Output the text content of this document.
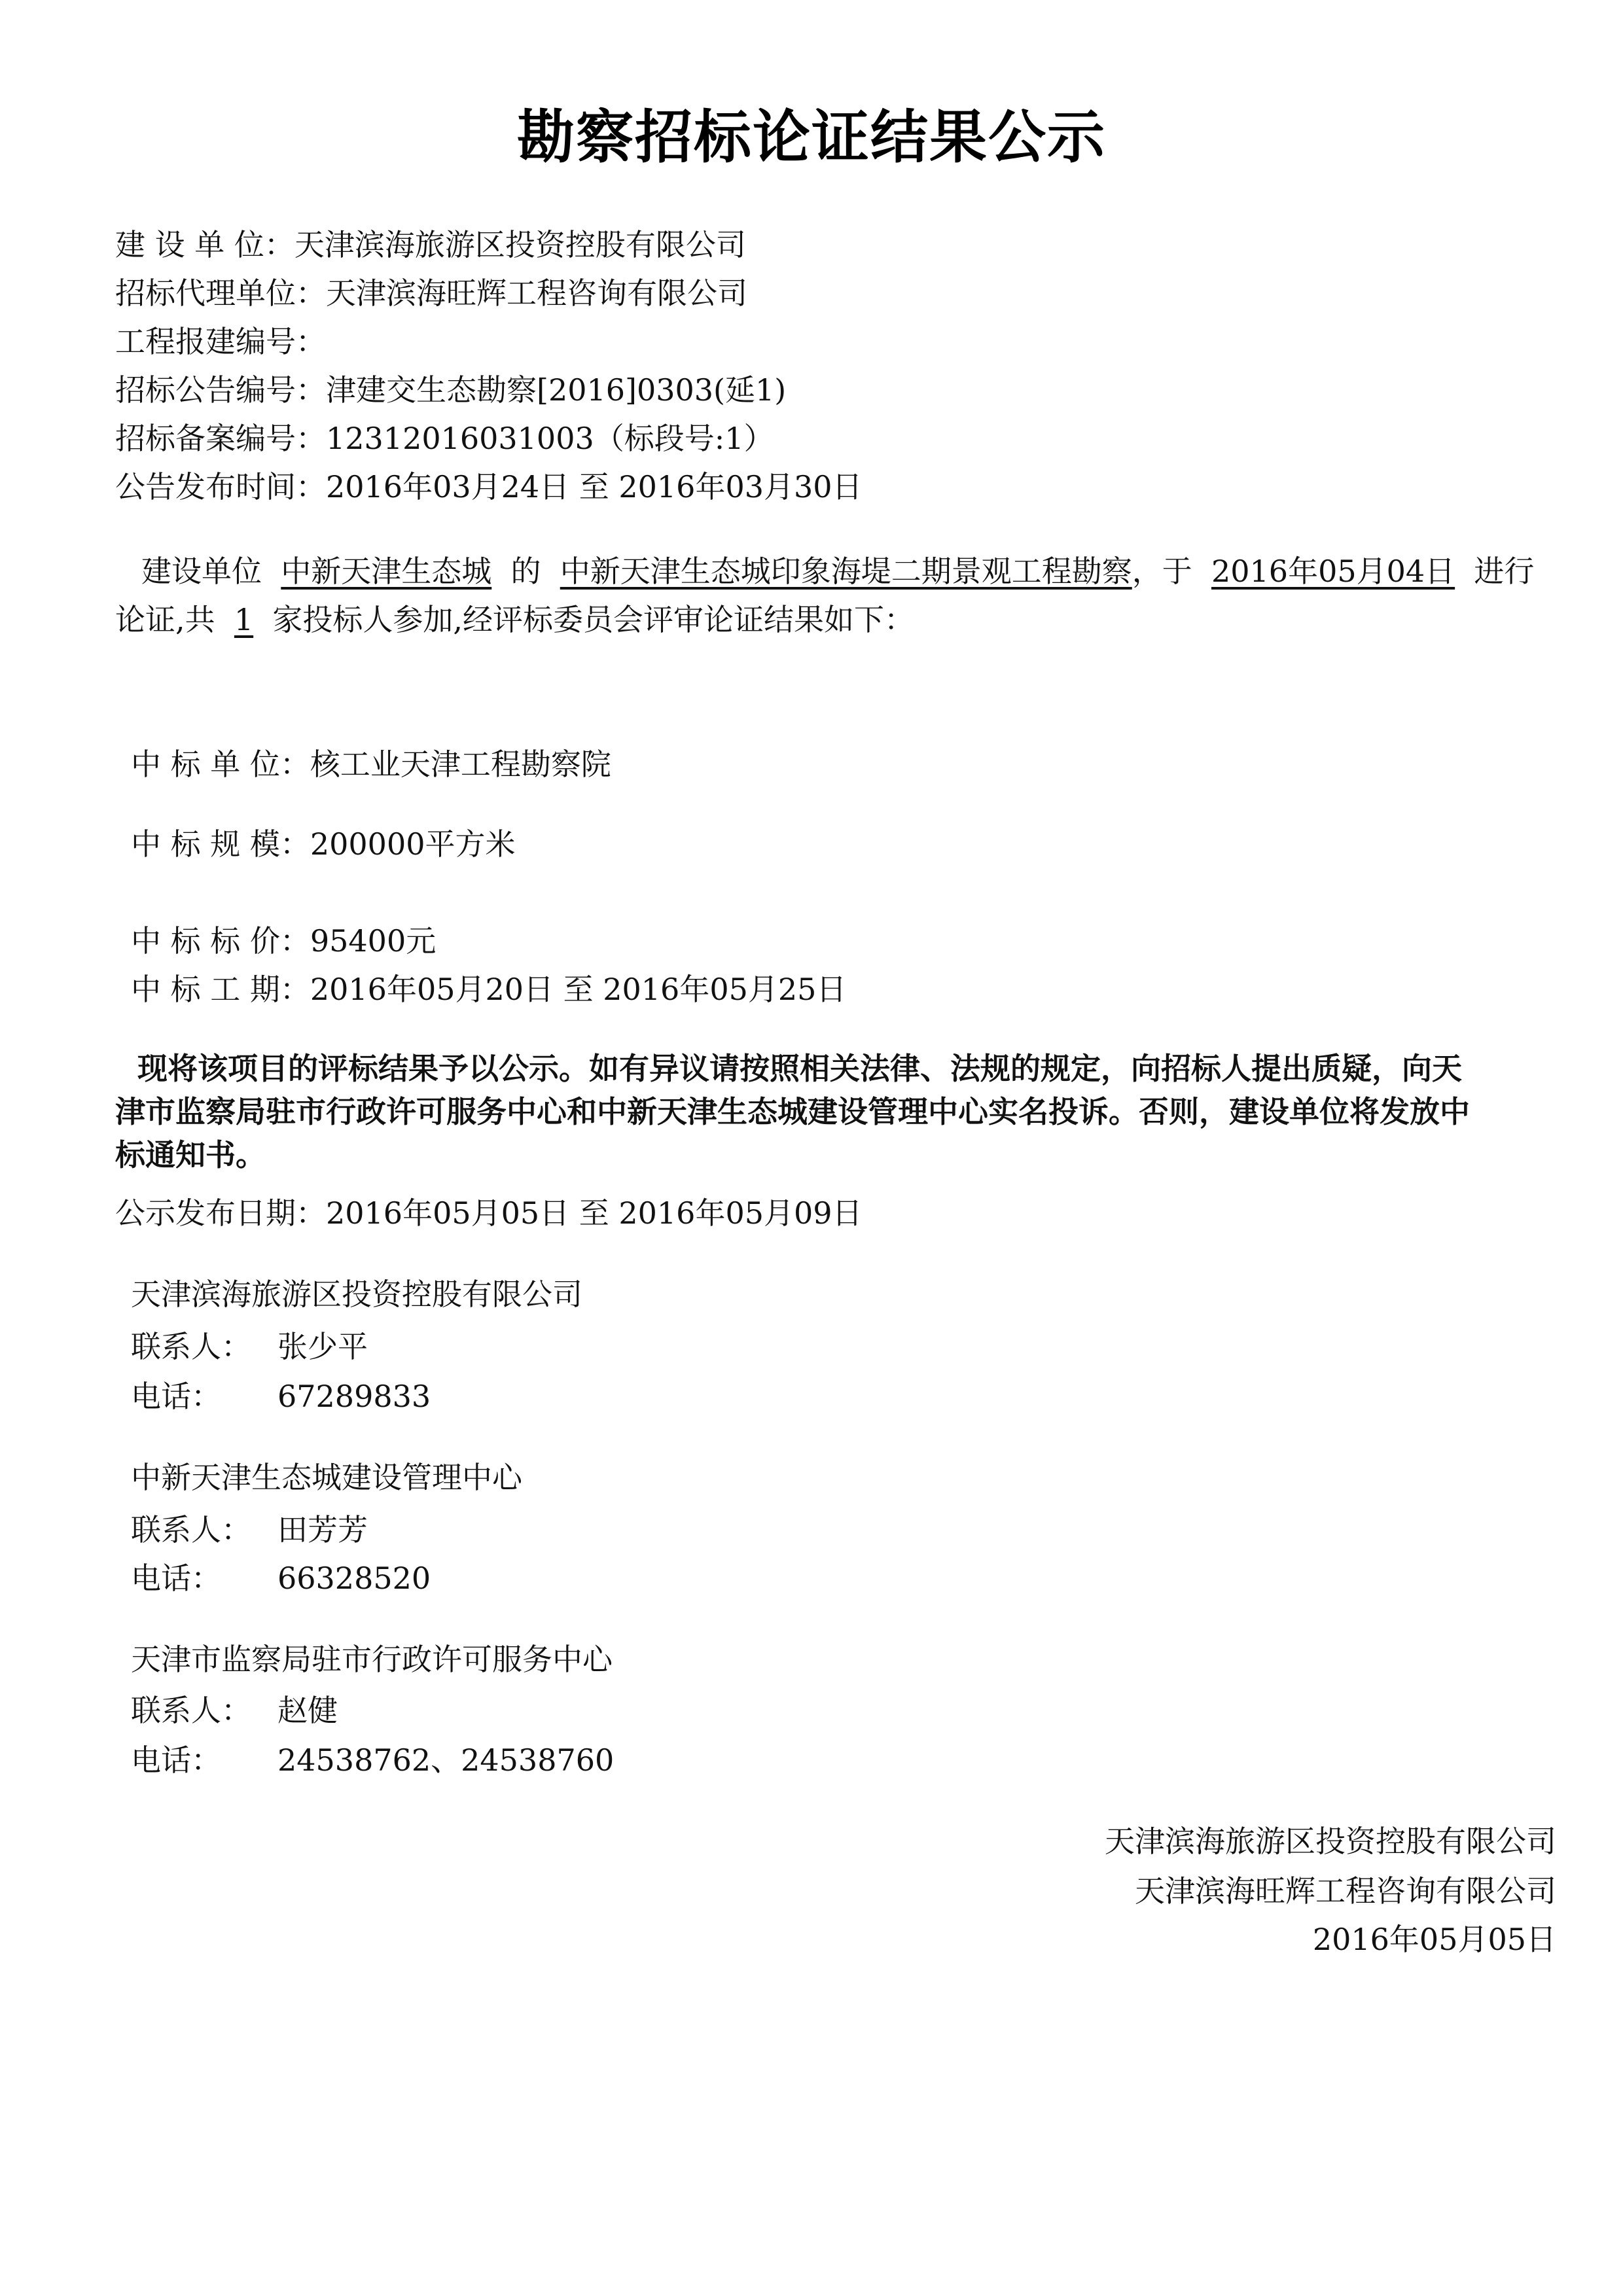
勘察招标论证结果公示
建 设 单 位：天津滨海旅游区投资控股有限公司
招标代理单位：天津滨海旺辉工程咨询有限公司
工程报建编号：
招标公告编号：津建交生态勘察[2016]0303(延1)
招标备案编号：12312016031003（标段号:1）
公告发布时间：2016年03月24日 至 2016年03月30日
建设单位 中新天津生态城 的 中新天津生态城印象海堤二期景观工程勘察，于 2016年05月04日 进行论证,共 1 家投标人参加,经评标委员会评审论证结果如下：
中 标 单 位：核工业天津工程勘察院
中 标 规 模：200000平方米
中 标 标 价：95400元
中 标 工 期：2016年05月20日 至 2016年05月25日
现将该项目的评标结果予以公示。如有异议请按照相关法律、法规的规定，向招标人提出质疑，向天津市监察局驻市行政许可服务中心和中新天津生态城建设管理中心实名投诉。否则，建设单位将发放中标通知书。
公示发布日期：2016年05月05日 至 2016年05月09日
天津滨海旅游区投资控股有限公司
联系人： 张少平
电话： 67289833
中新天津生态城建设管理中心
联系人： 田芳芳
电话： 66328520
天津市监察局驻市行政许可服务中心
联系人： 赵健
电话： 24538762、24538760
天津滨海旅游区投资控股有限公司
天津滨海旺辉工程咨询有限公司
2016年05月05日
